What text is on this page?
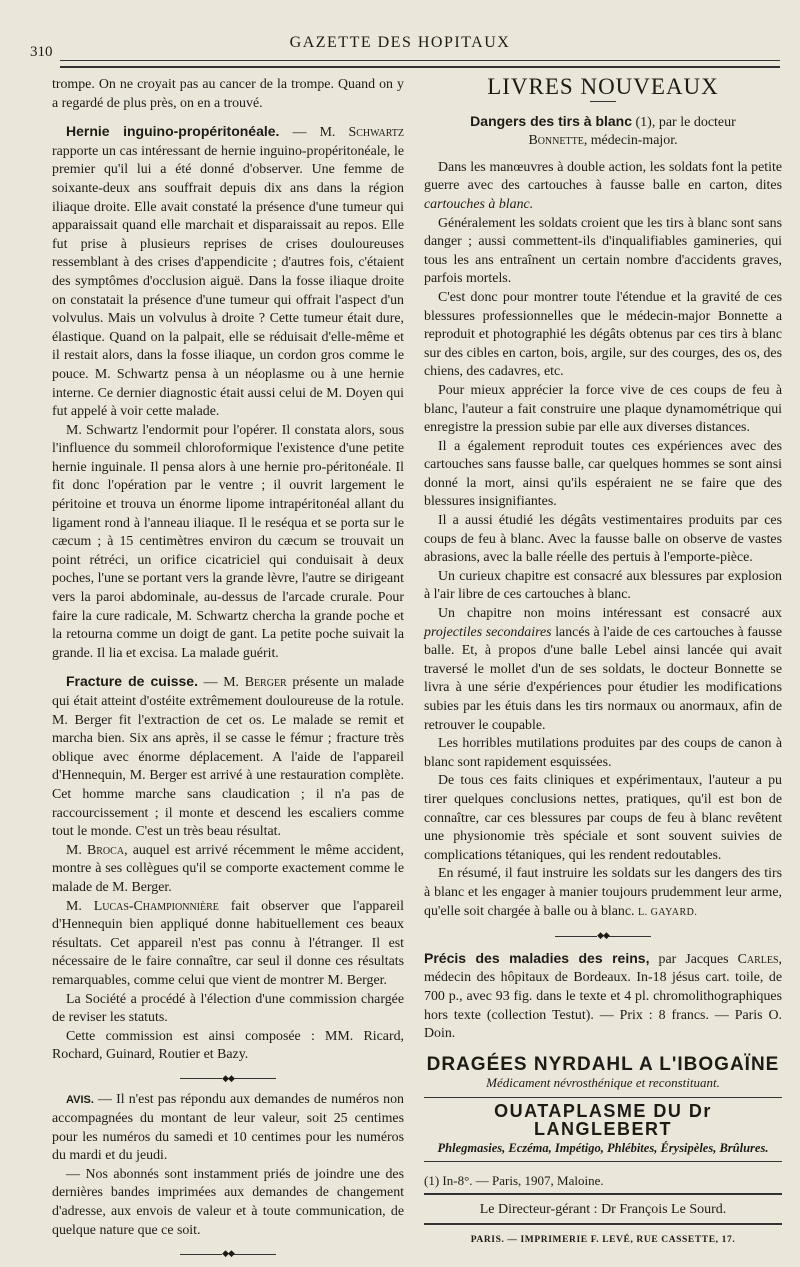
310
GAZETTE DES HOPITAUX

trompe. On ne croyait pas au cancer de la trompe. Quand on y a regardé de plus près, on en a trouvé.

Hernie inguino-propéritonéale. — M. Schwartz rapporte un cas intéressant de hernie inguino-propéritonéale, le premier qu'il lui a été donné d'observer. Une femme de soixante-deux ans souffrait depuis dix ans dans la région iliaque droite. Elle avait constaté la présence d'une tumeur qui apparaissait quand elle marchait et disparaissait au repos. Elle fut prise à plusieurs reprises de crises douloureuses ressemblant à des crises d'appendicite ; d'autres fois, c'étaient des symptômes d'occlusion aiguë. Dans la fosse iliaque droite on constatait la présence d'une tumeur qui offrait l'aspect d'un volvulus. Mais un volvulus à droite ? Cette tumeur était dure, élastique. Quand on la palpait, elle se réduisait d'elle-même et il restait alors, dans la fosse iliaque, un cordon gros comme le pouce. M. Schwartz pensa à un néoplasme ou à une hernie interne. Ce dernier diagnostic était aussi celui de M. Doyen qui fut appelé à voir cette malade.

M. Schwartz l'endormit pour l'opérer. Il constata alors, sous l'influence du sommeil chloroformique l'existence d'une petite hernie inguinale. Il pensa alors à une hernie pro-péritonéale. Il fit donc l'opération par le ventre ; il ouvrit largement le péritoine et trouva un énorme lipome intrapéritonéal allant du ligament rond à l'anneau iliaque. Il le reséqua et se porta sur le cæcum ; à 15 centimètres environ du cæcum se trouvait un point rétréci, un orifice cicatriciel qui conduisait à deux poches, l'une se portant vers la grande lèvre, l'autre se dirigeant vers la paroi abdominale, au-dessus de l'arcade crurale. Pour faire la cure radicale, M. Schwartz chercha la grande poche et la retourna comme un doigt de gant. La petite poche suivait la grande. Il lia et excisa. La malade guérit.

Fracture de cuisse. — M. Berger présente un malade qui était atteint d'ostéite extrêmement douloureuse de la rotule. M. Berger fit l'extraction de cet os. Le malade se remit et marcha bien. Six ans après, il se casse le fémur ; fracture très oblique avec énorme déplacement. A l'aide de l'appareil d'Hennequin, M. Berger est arrivé à une restauration complète. Cet homme marche sans claudication ; il n'a pas de raccourcissement ; il monte et descend les escaliers comme tout le monde. C'est un très beau résultat.

M. Broca, auquel est arrivé récemment le même accident, montre à ses collègues qu'il se comporte exactement comme le malade de M. Berger.

M. Lucas-Championnière fait observer que l'appareil d'Hennequin bien appliqué donne habituellement ces beaux résultats. Cet appareil n'est pas connu à l'étranger. Il est nécessaire de le faire connaître, car seul il donne ces résultats remarquables, comme celui que vient de montrer M. Berger.

La Société a procédé à l'élection d'une commission chargée de reviser les statuts.

Cette commission est ainsi composée : MM. Ricard, Rochard, Guinard, Routier et Bazy.

◆◆

AVIS. — Il n'est pas répondu aux demandes de numéros non accompagnées du montant de leur valeur, soit 25 centimes pour les numéros du samedi et 10 centimes pour les numéros du mardi et du jeudi.

— Nos abonnés sont instamment priés de joindre une des dernières bandes imprimées aux demandes de changement d'adresse, aux envois de valeur et à toute communication, de quelque nature que ce soit.

◆◆
LIVRES NOUVEAUX
Dangers des tirs à blanc (1), par le docteur
Bonnette, médecin-major.

Dans les manœuvres à double action, les soldats font la petite guerre avec des cartouches à fausse balle en carton, dites cartouches à blanc.

Généralement les soldats croient que les tirs à blanc sont sans danger ; aussi commettent-ils d'inqualifiables gamineries, qui tous les ans entraînent un certain nombre d'accidents graves, parfois mortels.

C'est donc pour montrer toute l'étendue et la gravité de ces blessures professionnelles que le médecin-major Bonnette a reproduit et photographié les dégâts obtenus par ces tirs à blanc sur des cibles en carton, bois, argile, sur des courges, des os, des chiens, des cadavres, etc.

Pour mieux apprécier la force vive de ces coups de feu à blanc, l'auteur a fait construire une plaque dynamométrique qui enregistre la pression subie par elle aux diverses distances.

Il a également reproduit toutes ces expériences avec des cartouches sans fausse balle, car quelques hommes se sont ainsi donné la mort, ainsi qu'ils espéraient ne se faire que des blessures insignifiantes.

Il a aussi étudié les dégâts vestimentaires produits par ces coups de feu à blanc. Avec la fausse balle on observe de vastes abrasions, avec la balle réelle des pertuis à l'emporte-pièce.

Un curieux chapitre est consacré aux blessures par explosion à l'air libre de ces cartouches à blanc.

Un chapitre non moins intéressant est consacré aux projectiles secondaires lancés à l'aide de ces cartouches à fausse balle. Et, à propos d'une balle Lebel ainsi lancée qui avait traversé le mollet d'un de ses soldats, le docteur Bonnette se livra à une série d'expériences pour étudier les modifications subies par les étuis dans les tirs normaux ou anormaux, afin de retrouver le coupable.

Les horribles mutilations produites par des coups de canon à blanc sont rapidement esquissées.

De tous ces faits cliniques et expérimentaux, l'auteur a pu tirer quelques conclusions nettes, pratiques, qu'il est bon de connaître, car ces blessures par coups de feu à blanc revêtent une physionomie très spéciale et sont souvent suivies de complications tétaniques, qui les rendent redoutables.

En résumé, il faut instruire les soldats sur les dangers des tirs à blanc et les engager à manier toujours prudemment leur arme, qu'elle soit chargée à balle ou à blanc. L. GAYARD.

◆◆

Précis des maladies des reins, par Jacques Carles, médecin des hôpitaux de Bordeaux. In-18 jésus cart. toile, de 700 p., avec 93 fig. dans le texte et 4 pl. chromolithographiques hors texte (collection Testut). — Prix : 8 francs. — Paris O. Doin.

DRAGÉES NYRDAHL A L'IBOGAÏNE
Médicament névrosthénique et reconstituant.
OUATAPLASME DU Dr LANGLEBERT
Phlegmasies, Eczéma, Impétigo, Phlébites, Érysipèles, Brûlures.
(1) In-8°. — Paris, 1907, Maloine.
Le Directeur-gérant : Dr François Le Sourd.
PARIS. — IMPRIMERIE F. LEVÉ, RUE CASSETTE, 17.
